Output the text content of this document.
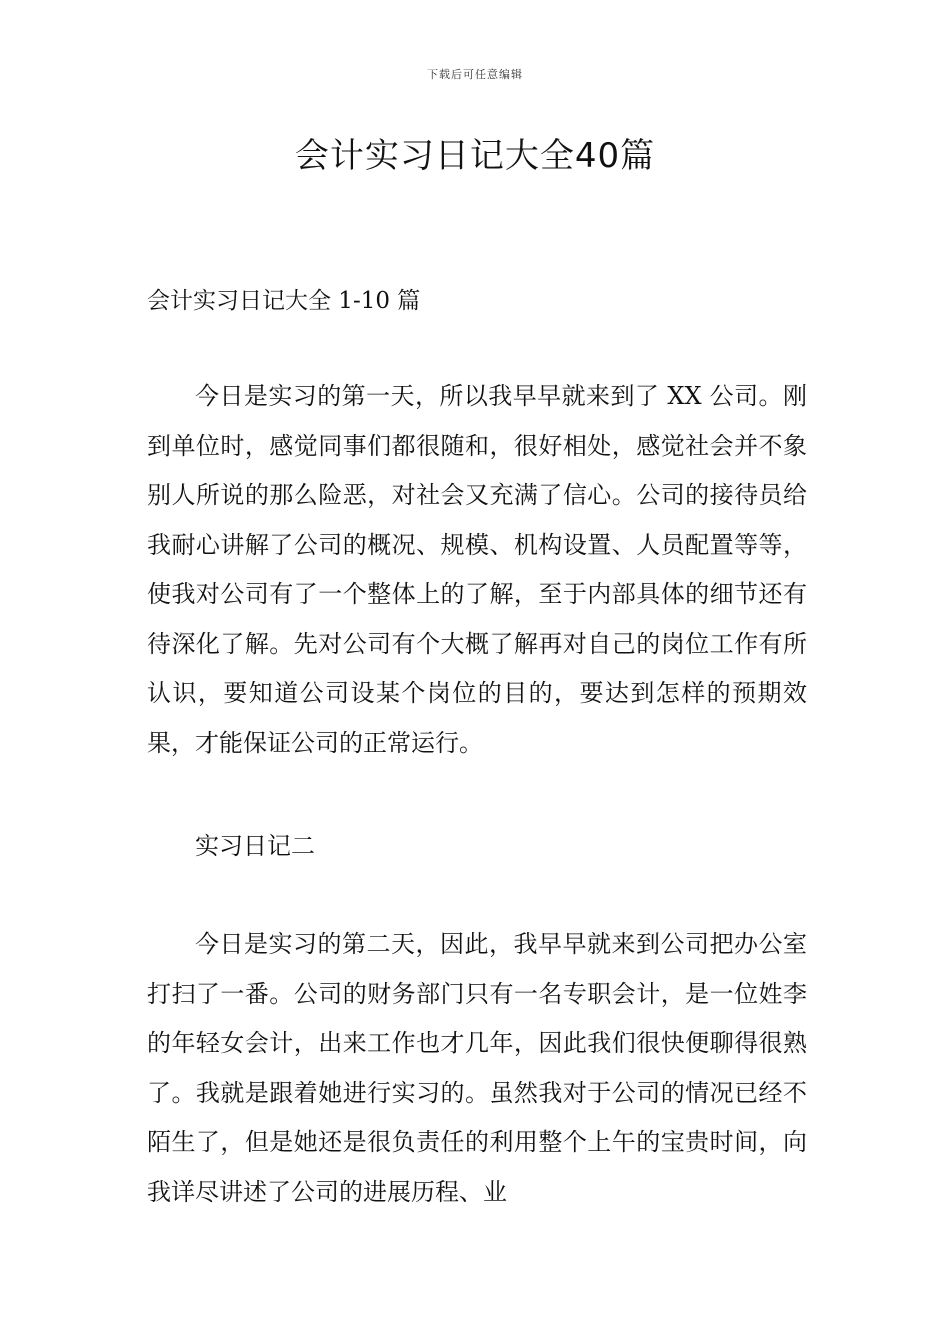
下载后可任意编辑
会计实习日记大全40篇
会计实习日记大全 1-10 篇

今日是实习的第一天，所以我早早就来到了 XX 公司。刚到单位时，感觉同事们都很随和，很好相处，感觉社会并不象别人所说的那么险恶，对社会又充满了信心。公司的接待员给我耐心讲解了公司的概况、规模、机构设置、人员配置等等，使我对公司有了一个整体上的了解，至于内部具体的细节还有待深化了解。先对公司有个大概了解再对自己的岗位工作有所认识，要知道公司设某个岗位的目的，要达到怎样的预期效果，才能保证公司的正常运行。

实习日记二

今日是实习的第二天，因此，我早早就来到公司把办公室打扫了一番。公司的财务部门只有一名专职会计，是一位姓李的年轻女会计，出来工作也才几年，因此我们很快便聊得很熟了。我就是跟着她进行实习的。虽然我对于公司的情况已经不陌生了，但是她还是很负责任的利用整个上午的宝贵时间，向我详尽讲述了公司的进展历程、业
